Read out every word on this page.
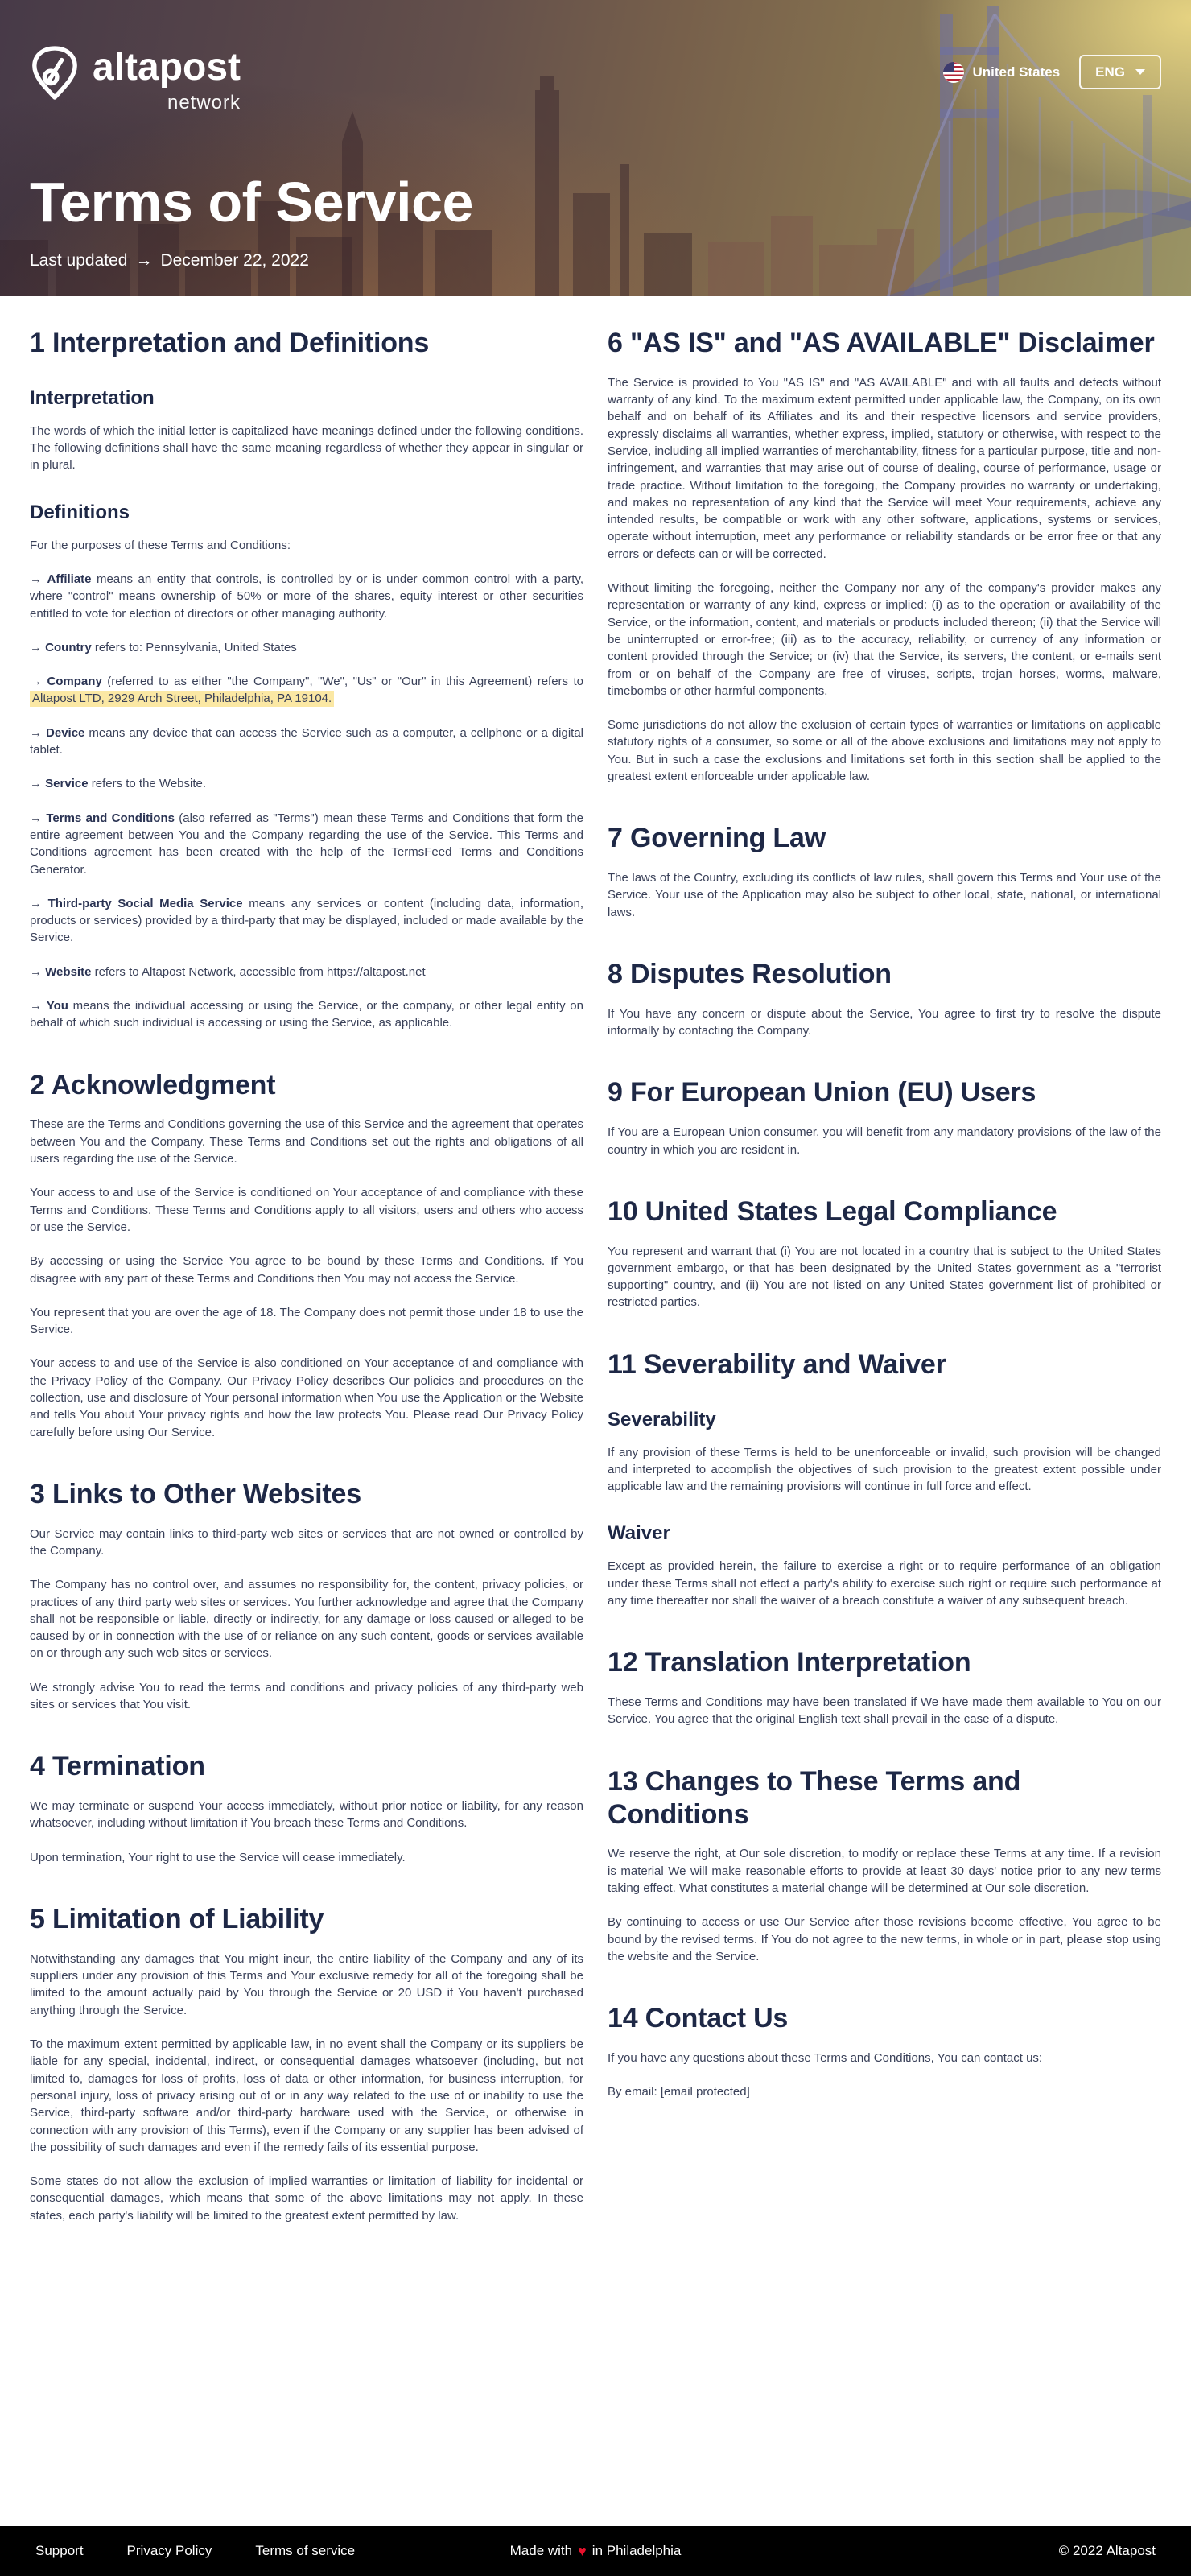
altapost
network
United States	ENG
Terms of Service
Last updated → December 22, 2022
1 Interpretation and Definitions
Interpretation

The words of which the initial letter is capitalized have meanings defined under the following conditions. The following definitions shall have the same meaning regardless of whether they appear in singular or in plural.

Definitions

For the purposes of these Terms and Conditions:

→ Affiliate means an entity that controls, is controlled by or is under common control with a party, where "control" means ownership of 50% or more of the shares, equity interest or other securities entitled to vote for election of directors or other managing authority.

→ Country refers to: Pennsylvania, United States

→ Company (referred to as either "the Company", "We", "Us" or "Our" in this Agreement) refers to Altapost LTD, 2929 Arch Street, Philadelphia, PA 19104.

→ Device means any device that can access the Service such as a computer, a cellphone or a digital tablet.

→ Service refers to the Website.

→ Terms and Conditions (also referred as "Terms") mean these Terms and Conditions that form the entire agreement between You and the Company regarding the use of the Service. This Terms and Conditions agreement has been created with the help of the TermsFeed Terms and Conditions Generator.

→ Third-party Social Media Service means any services or content (including data, information, products or services) provided by a third-party that may be displayed, included or made available by the Service.

→ Website refers to Altapost Network, accessible from https://altapost.net

→ You means the individual accessing or using the Service, or the company, or other legal entity on behalf of which such individual is accessing or using the Service, as applicable.

2 Acknowledgment

These are the Terms and Conditions governing the use of this Service and the agreement that operates between You and the Company. These Terms and Conditions set out the rights and obligations of all users regarding the use of the Service.

Your access to and use of the Service is conditioned on Your acceptance of and compliance with these Terms and Conditions. These Terms and Conditions apply to all visitors, users and others who access or use the Service.

By accessing or using the Service You agree to be bound by these Terms and Conditions. If You disagree with any part of these Terms and Conditions then You may not access the Service.

You represent that you are over the age of 18. The Company does not permit those under 18 to use the Service.

Your access to and use of the Service is also conditioned on Your acceptance of and compliance with the Privacy Policy of the Company. Our Privacy Policy describes Our policies and procedures on the collection, use and disclosure of Your personal information when You use the Application or the Website and tells You about Your privacy rights and how the law protects You. Please read Our Privacy Policy carefully before using Our Service.

3 Links to Other Websites

Our Service may contain links to third-party web sites or services that are not owned or controlled by the Company.

The Company has no control over, and assumes no responsibility for, the content, privacy policies, or practices of any third party web sites or services. You further acknowledge and agree that the Company shall not be responsible or liable, directly or indirectly, for any damage or loss caused or alleged to be caused by or in connection with the use of or reliance on any such content, goods or services available on or through any such web sites or services.

We strongly advise You to read the terms and conditions and privacy policies of any third-party web sites or services that You visit.

4 Termination

We may terminate or suspend Your access immediately, without prior notice or liability, for any reason whatsoever, including without limitation if You breach these Terms and Conditions.

Upon termination, Your right to use the Service will cease immediately.

5 Limitation of Liability

Notwithstanding any damages that You might incur, the entire liability of the Company and any of its suppliers under any provision of this Terms and Your exclusive remedy for all of the foregoing shall be limited to the amount actually paid by You through the Service or 20 USD if You haven't purchased anything through the Service.

To the maximum extent permitted by applicable law, in no event shall the Company or its suppliers be liable for any special, incidental, indirect, or consequential damages whatsoever (including, but not limited to, damages for loss of profits, loss of data or other information, for business interruption, for personal injury, loss of privacy arising out of or in any way related to the use of or inability to use the Service, third-party software and/or third-party hardware used with the Service, or otherwise in connection with any provision of this Terms), even if the Company or any supplier has been advised of the possibility of such damages and even if the remedy fails of its essential purpose.

Some states do not allow the exclusion of implied warranties or limitation of liability for incidental or consequential damages, which means that some of the above limitations may not apply. In these states, each party's liability will be limited to the greatest extent permitted by law.

6 "AS IS" and "AS AVAILABLE" Disclaimer

The Service is provided to You "AS IS" and "AS AVAILABLE" and with all faults and defects without warranty of any kind. To the maximum extent permitted under applicable law, the Company, on its own behalf and on behalf of its Affiliates and its and their respective licensors and service providers, expressly disclaims all warranties, whether express, implied, statutory or otherwise, with respect to the Service, including all implied warranties of merchantability, fitness for a particular purpose, title and non-infringement, and warranties that may arise out of course of dealing, course of performance, usage or trade practice. Without limitation to the foregoing, the Company provides no warranty or undertaking, and makes no representation of any kind that the Service will meet Your requirements, achieve any intended results, be compatible or work with any other software, applications, systems or services, operate without interruption, meet any performance or reliability standards or be error free or that any errors or defects can or will be corrected.

Without limiting the foregoing, neither the Company nor any of the company's provider makes any representation or warranty of any kind, express or implied: (i) as to the operation or availability of the Service, or the information, content, and materials or products included thereon; (ii) that the Service will be uninterrupted or error-free; (iii) as to the accuracy, reliability, or currency of any information or content provided through the Service; or (iv) that the Service, its servers, the content, or e-mails sent from or on behalf of the Company are free of viruses, scripts, trojan horses, worms, malware, timebombs or other harmful components.

Some jurisdictions do not allow the exclusion of certain types of warranties or limitations on applicable statutory rights of a consumer, so some or all of the above exclusions and limitations may not apply to You. But in such a case the exclusions and limitations set forth in this section shall be applied to the greatest extent enforceable under applicable law.

7 Governing Law

The laws of the Country, excluding its conflicts of law rules, shall govern this Terms and Your use of the Service. Your use of the Application may also be subject to other local, state, national, or international laws.

8 Disputes Resolution

If You have any concern or dispute about the Service, You agree to first try to resolve the dispute informally by contacting the Company.

9 For European Union (EU) Users

If You are a European Union consumer, you will benefit from any mandatory provisions of the law of the country in which you are resident in.

10 United States Legal Compliance

You represent and warrant that (i) You are not located in a country that is subject to the United States government embargo, or that has been designated by the United States government as a "terrorist supporting" country, and (ii) You are not listed on any United States government list of prohibited or restricted parties.

11 Severability and Waiver
Severability

If any provision of these Terms is held to be unenforceable or invalid, such provision will be changed and interpreted to accomplish the objectives of such provision to the greatest extent possible under applicable law and the remaining provisions will continue in full force and effect.

Waiver

Except as provided herein, the failure to exercise a right or to require performance of an obligation under these Terms shall not effect a party's ability to exercise such right or require such performance at any time thereafter nor shall the waiver of a breach constitute a waiver of any subsequent breach.

12 Translation Interpretation

These Terms and Conditions may have been translated if We have made them available to You on our Service. You agree that the original English text shall prevail in the case of a dispute.

13 Changes to These Terms and Conditions

We reserve the right, at Our sole discretion, to modify or replace these Terms at any time. If a revision is material We will make reasonable efforts to provide at least 30 days' notice prior to any new terms taking effect. What constitutes a material change will be determined at Our sole discretion.

By continuing to access or use Our Service after those revisions become effective, You agree to be bound by the revised terms. If You do not agree to the new terms, in whole or in part, please stop using the website and the Service.

14 Contact Us

If you have any questions about these Terms and Conditions, You can contact us:

By email: [email protected]

Support	Privacy Policy	Terms of service	Made with ♥ in Philadelphia	© 2022 Altapost
